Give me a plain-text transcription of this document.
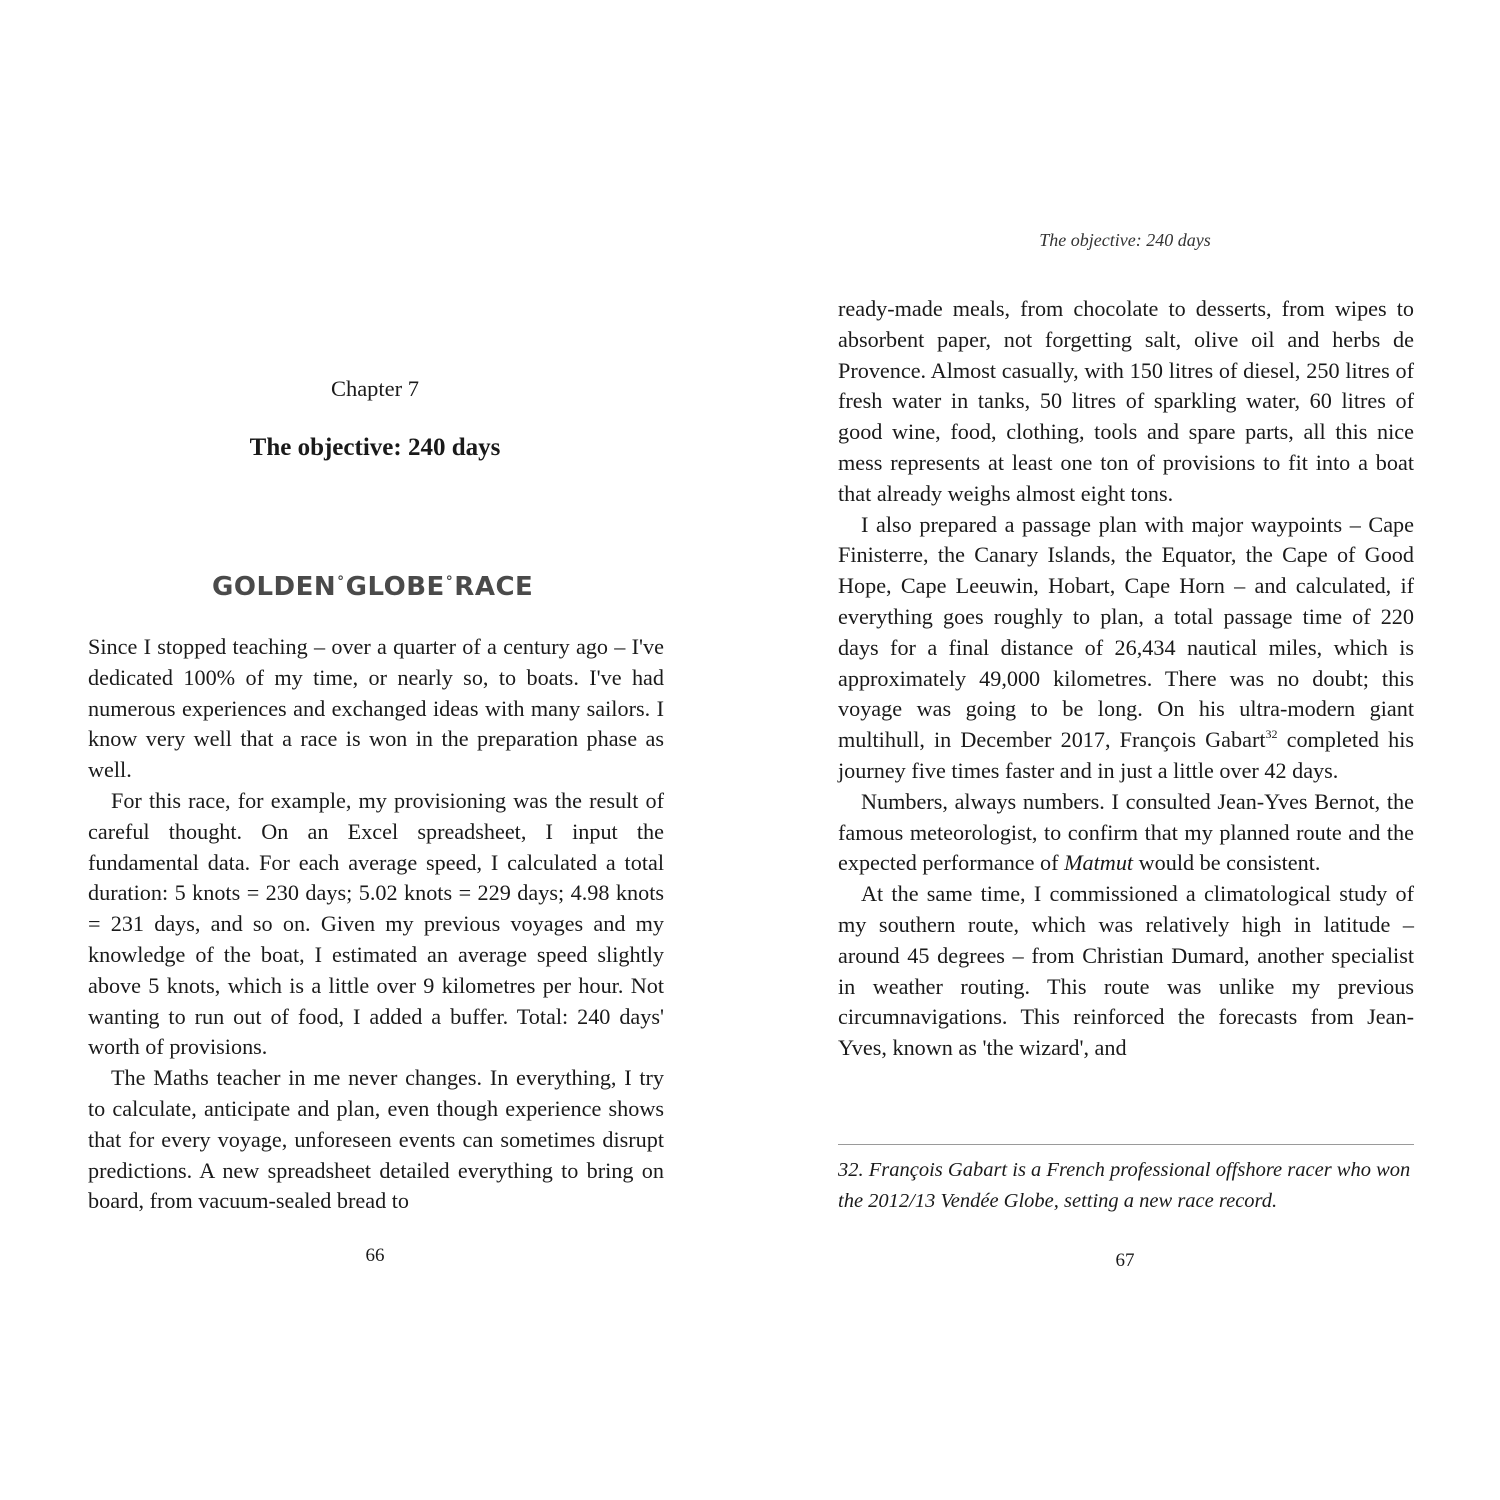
Chapter 7
The objective: 240 days
GOLDEN°GLOBE°RACE

Since I stopped teaching – over a quarter of a century ago – I've dedicated 100% of my time, or nearly so, to boats. I've had numerous experiences and exchanged ideas with many sailors. I know very well that a race is won in the preparation phase as well.

For this race, for example, my provisioning was the result of careful thought. On an Excel spreadsheet, I input the fundamental data. For each average speed, I calculated a total duration: 5 knots = 230 days; 5.02 knots = 229 days; 4.98 knots = 231 days, and so on. Given my previous voyages and my knowledge of the boat, I estimated an average speed slightly above 5 knots, which is a little over 9 kilometres per hour. Not wanting to run out of food, I added a buffer. Total: 240 days' worth of provisions.

The Maths teacher in me never changes. In everything, I try to calculate, anticipate and plan, even though experience shows that for every voyage, unforeseen events can sometimes disrupt predictions. A new spreadsheet detailed everything to bring on board, from vacuum-sealed bread to

66
The objective: 240 days

ready-made meals, from chocolate to desserts, from wipes to absorbent paper, not forgetting salt, olive oil and herbs de Provence. Almost casually, with 150 litres of diesel, 250 litres of fresh water in tanks, 50 litres of sparkling water, 60 litres of good wine, food, clothing, tools and spare parts, all this nice mess represents at least one ton of provisions to fit into a boat that already weighs almost eight tons.

I also prepared a passage plan with major waypoints – Cape Finisterre, the Canary Islands, the Equator, the Cape of Good Hope, Cape Leeuwin, Hobart, Cape Horn – and calculated, if everything goes roughly to plan, a total passage time of 220 days for a final distance of 26,434 nautical miles, which is approximately 49,000 kilometres. There was no doubt; this voyage was going to be long. On his ultra-modern giant multihull, in December 2017, François Gabart$^{32}$ completed his journey five times faster and in just a little over 42 days.

Numbers, always numbers. I consulted Jean-Yves Bernot, the famous meteorologist, to confirm that my planned route and the expected performance of Matmut would be consistent.

At the same time, I commissioned a climatological study of my southern route, which was relatively high in latitude – around 45 degrees – from Christian Dumard, another specialist in weather routing. This route was unlike my previous circumnavigations. This reinforced the forecasts from Jean-Yves, known as 'the wizard', and

32. François Gabart is a French professional offshore racer who won the 2012/13 Vendée Globe, setting a new race record.
67
